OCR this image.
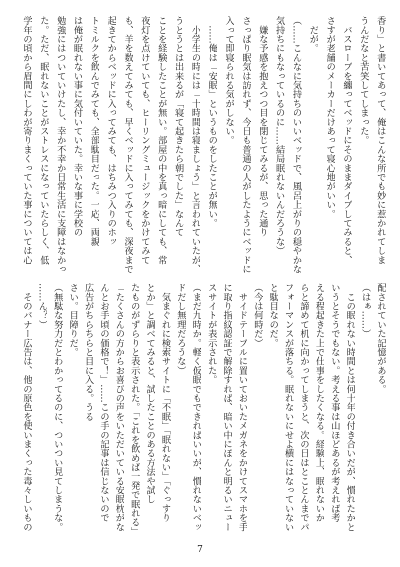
香り」と書いてあって、俺はこんな所でも妙に惹かれてしま
うんだなと苦笑してしまった。
　バスローブを纏ってベッドにそのままダイブしてみると、
さすが老舗のメーカーだけあって寝心地がいい。
　だが。
（……こんなに気持ちのいいベッドで、風呂上がりの穏やかな
気持ちにもなっているのに……結局眠れないんだろうな）
　嫌な予感を抱えつつ目を閉じてみるが、思った通り
さっぱり眠気は訪れず、今日も普通の人がしたようにベッドに
入って即寝られる気がしない。
　……俺は「安眠」というものをしたことが無い。
　小学生の時には「十時間は寝ましょう」と言われていたが、
うとうとは出来るが「寝て起きたら朝でした」なんて
ことを経験したことが無い。部屋の中を真っ暗にしても、常
夜灯を点けていても、ヒーリングミュージックをかけてみて
も、羊を数えてみても、早くベッドに入ってみても、深夜まで
起きてからベッドに入ってみても、はちみつ入りのホッ
トミルクを飲んでみても、全部駄目だった。一応、両親
は俺が眠れない事に気付いていた。幸いな事に学校の
勉強にはついていけたし、幸か不幸か日常生活に支障はなかっ
た。ただ、眠れないことがストレスになっていたらしく、低
学年の頃から眉間にしわが寄りまくっていた事については心
配されていた記憶がある。
（はぁ……）
　この眠れない時間とは何十年の付き合いだが、慣れたかと
いうとそうでもない。考える事は山ほどあるが考えれば考
える程起きた上で仕事をしたくなる。経験上、眠れないか
らと諦めて机に向かってしまうと、次の日はとことんまでパ
フォーマンスが落ちる。眠れないにせよ横にはなっていない
と駄目なのだ。
（今は何時だ）
　サイドテーブルに置いておいたメガネをかけてスマホを手
に取り指紋認証で解除すれば、暗い中にぽんと明るいニュー
スサイトが表示された。
（まだ九時か。軽く仮眠でもできればいいが、慣れないベッ
ドだし無理だろうな）
　気まぐれに検索サイトに「不眠」「眠れない」「ぐっすり
とか」と調べてみると、試したことのある方法や試し
たものがずらりと表示された。「これを飲めば一発で眠れる」
「たくさんの方からお喜びの声をいただいている安眠枕がな
んとお手頃の価格で！」……この手の記事は信じないので
広告がちらちらと目に入る。うる
さい。目障りだ。
（無駄な努力だとわかってるのに、ついつい見てしまうな。
……ん？）
　そのバナー広告は、他の原色を使いまくった毒々しいもの
7
